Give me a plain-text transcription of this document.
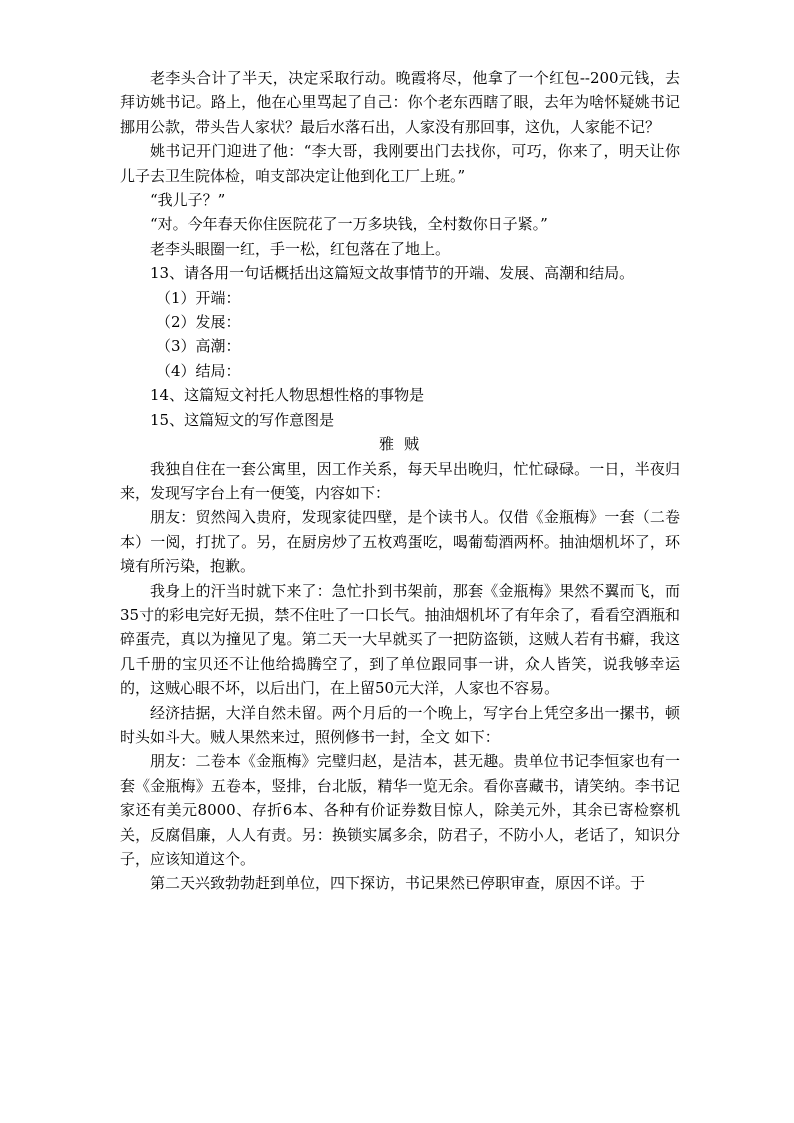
老李头合计了半天，决定采取行动。晚霞将尽，他拿了一个红包--200元钱，去拜访姚书记。路上，他在心里骂起了自己：你个老东西瞎了眼，去年为啥怀疑姚书记挪用公款，带头告人家状？最后水落石出，人家没有那回事，这仇，人家能不记？

姚书记开门迎进了他：“李大哥，我刚要出门去找你，可巧，你来了，明天让你儿子去卫生院体检，咱支部决定让他到化工厂上班。”

“我儿子？”

“对。今年春天你住医院花了一万多块钱，全村数你日子紧。”

老李头眼圈一红，手一松，红包落在了地上。

13、请各用一句话概括出这篇短文故事情节的开端、发展、高潮和结局。

（1）开端：

（2）发展：

（3）高潮：

（4）结局：

14、这篇短文衬托人物思想性格的事物是

15、这篇短文的写作意图是

雅贼

我独自住在一套公寓里，因工作关系，每天早出晚归，忙忙碌碌。一日，半夜归来，发现写字台上有一便笺，内容如下：

朋友：贸然闯入贵府，发现家徒四壁，是个读书人。仅借《金瓶梅》一套（二卷本）一阅，打扰了。另，在厨房炒了五枚鸡蛋吃，喝葡萄酒两杯。抽油烟机坏了，环境有所污染，抱歉。

我身上的汗当时就下来了：急忙扑到书架前，那套《金瓶梅》果然不翼而飞，而35寸的彩电完好无损，禁不住吐了一口长气。抽油烟机坏了有年余了，看看空酒瓶和碎蛋壳，真以为撞见了鬼。第二天一大早就买了一把防盗锁，这贼人若有书癖，我这几千册的宝贝还不让他给捣腾空了，到了单位跟同事一讲，众人皆笑，说我够幸运的，这贼心眼不坏，以后出门，在上留50元大洋，人家也不容易。

经济拮据，大洋自然未留。两个月后的一个晚上，写字台上凭空多出一摞书，顿时头如斗大。贼人果然来过，照例修书一封，全文 如下：

朋友：二卷本《金瓶梅》完璧归赵，是洁本，甚无趣。贵单位书记李恒家也有一套《金瓶梅》五卷本，竖排，台北版，精华一览无余。看你喜藏书，请笑纳。李书记家还有美元8000、存折6本、各种有价证券数目惊人，除美元外，其余已寄检察机关，反腐倡廉，人人有责。另：换锁实属多余，防君子，不防小人，老话了，知识分子，应该知道这个。

第二天兴致勃勃赶到单位，四下探访，书记果然已停职审查，原因不详。于
